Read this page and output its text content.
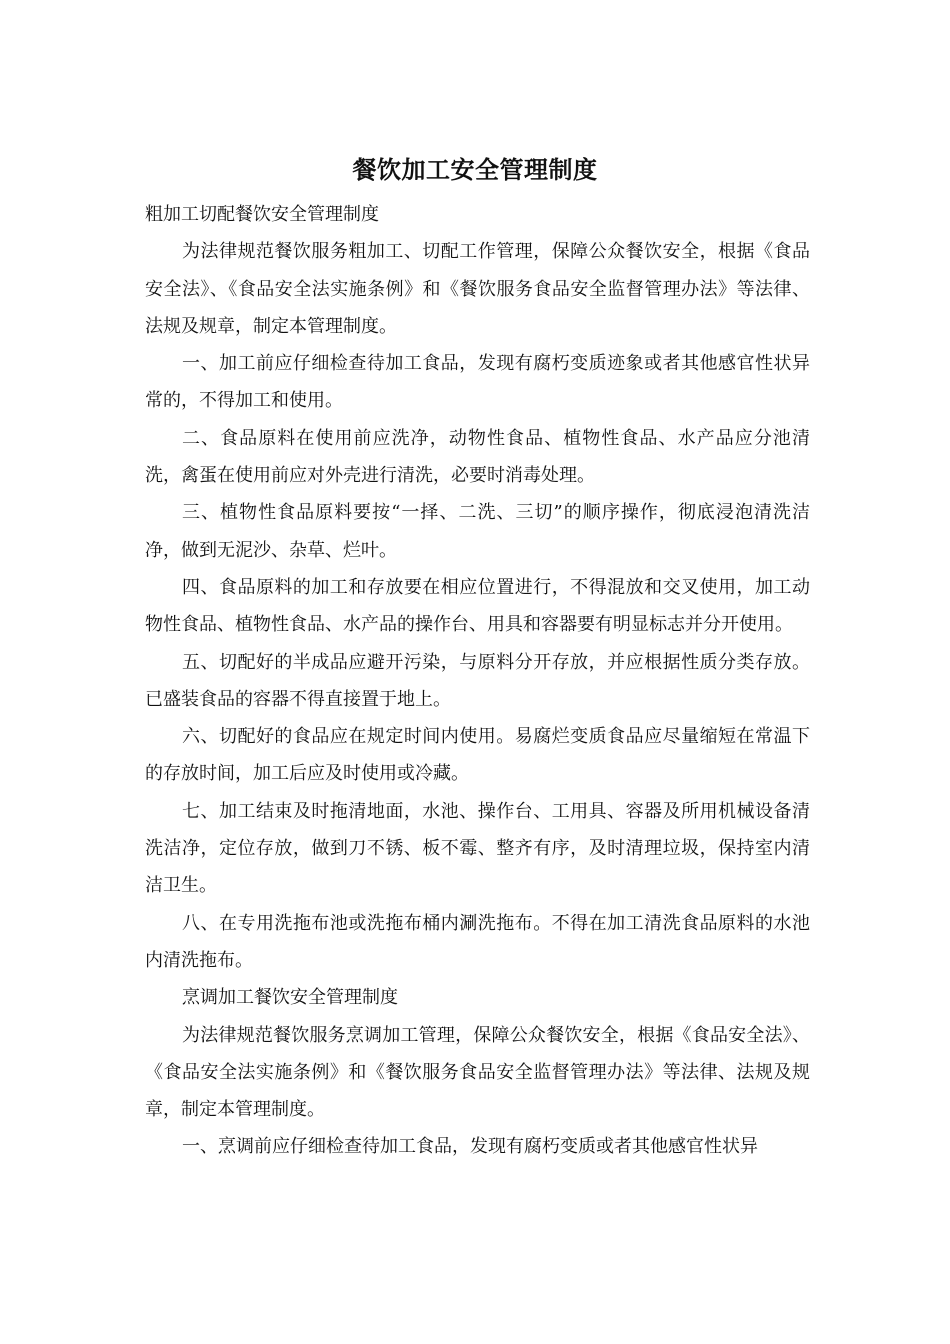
餐饮加工安全管理制度

粗加工切配餐饮安全管理制度

为法律规范餐饮服务粗加工、切配工作管理，保障公众餐饮安全，根据《食品安全法》、《食品安全法实施条例》和《餐饮服务食品安全监督管理办法》等法律、法规及规章，制定本管理制度。

一、加工前应仔细检查待加工食品，发现有腐朽变质迹象或者其他感官性状异常的，不得加工和使用。

二、食品原料在使用前应洗净，动物性食品、植物性食品、水产品应分池清洗，禽蛋在使用前应对外壳进行清洗，必要时消毒处理。

三、植物性食品原料要按“一择、二洗、三切”的顺序操作，彻底浸泡清洗洁净，做到无泥沙、杂草、烂叶。

四、食品原料的加工和存放要在相应位置进行，不得混放和交叉使用，加工动物性食品、植物性食品、水产品的操作台、用具和容器要有明显标志并分开使用。

五、切配好的半成品应避开污染，与原料分开存放，并应根据性质分类存放。已盛装食品的容器不得直接置于地上。

六、切配好的食品应在规定时间内使用。易腐烂变质食品应尽量缩短在常温下的存放时间，加工后应及时使用或冷藏。

七、加工结束及时拖清地面，水池、操作台、工用具、容器及所用机械设备清洗洁净，定位存放，做到刀不锈、板不霉、整齐有序，及时清理垃圾，保持室内清洁卫生。

八、在专用洗拖布池或洗拖布桶内涮洗拖布。不得在加工清洗食品原料的水池内清洗拖布。

烹调加工餐饮安全管理制度

为法律规范餐饮服务烹调加工管理，保障公众餐饮安全，根据《食品安全法》、《食品安全法实施条例》和《餐饮服务食品安全监督管理办法》等法律、法规及规章，制定本管理制度。

一、烹调前应仔细检查待加工食品，发现有腐朽变质或者其他感官性状异
